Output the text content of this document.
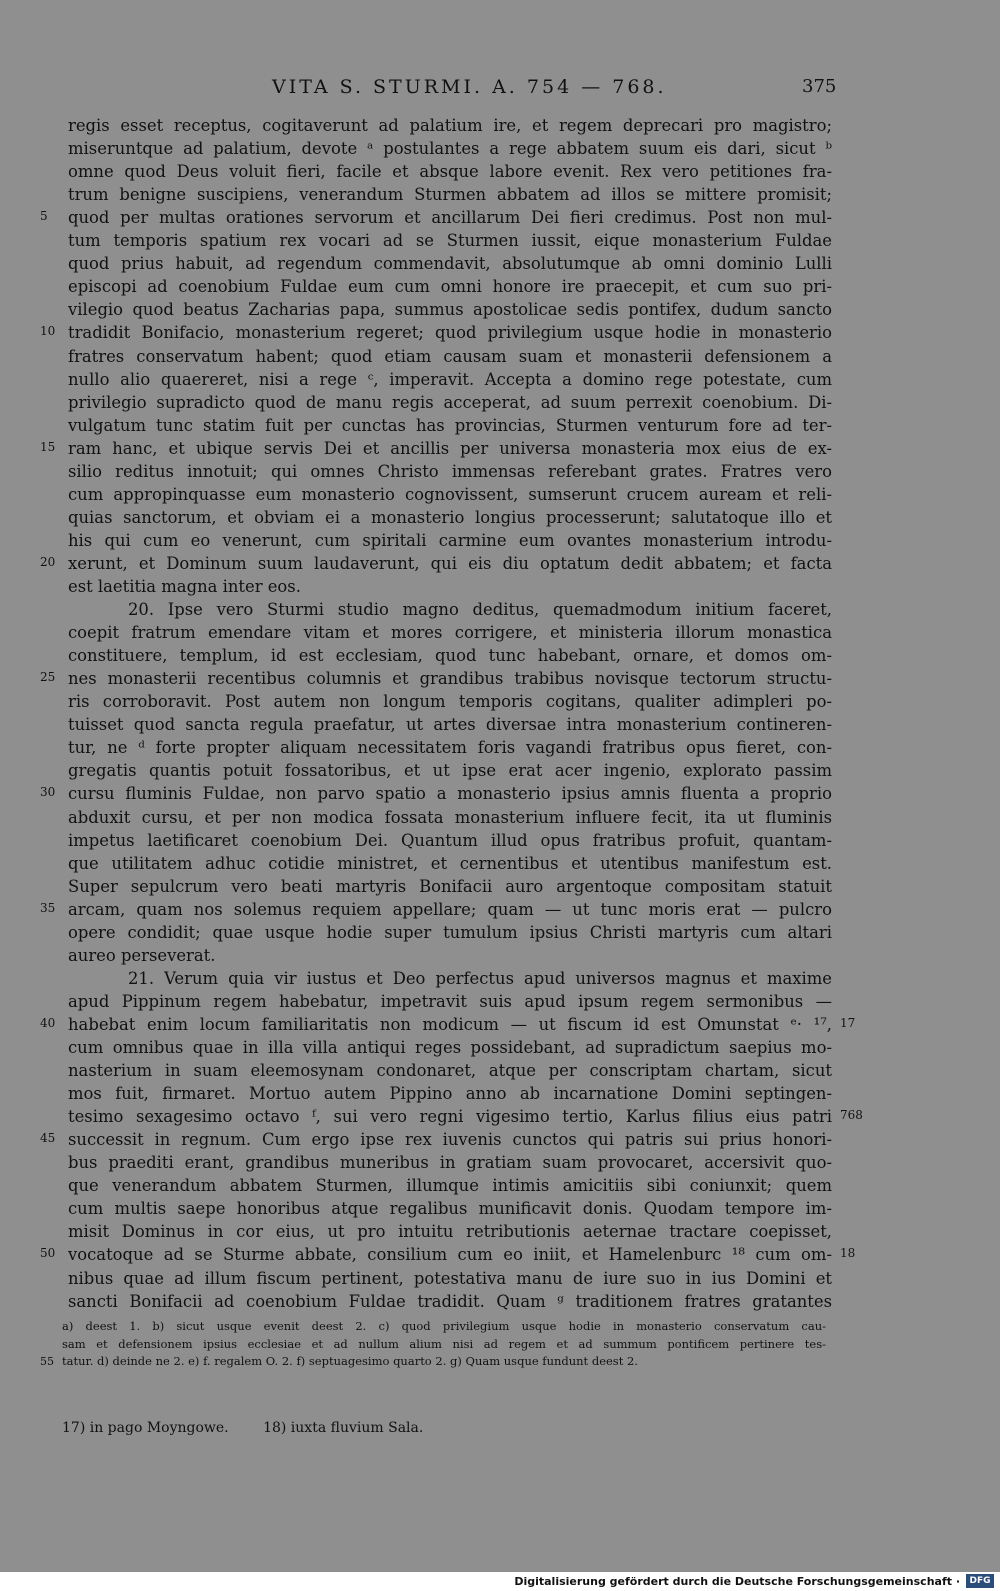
VITA S. STURMI. A. 754 — 768.	375
regis esset receptus, cogitaverunt ad palatium ire, et regem deprecari pro magistro;
miseruntque ad palatium, devote ᵃ postulantes a rege abbatem suum eis dari, sicut ᵇ
omne quod Deus voluit fieri, facile et absque labore evenit. Rex vero petitiones fra-
trum benigne suscipiens, venerandum Sturmen abbatem ad illos se mittere promisit;
5	quod per multas orationes servorum et ancillarum Dei fieri credimus. Post non mul-
tum temporis spatium rex vocari ad se Sturmen iussit, eique monasterium Fuldae
quod prius habuit, ad regendum commendavit, absolutumque ab omni dominio Lulli
episcopi ad coenobium Fuldae eum cum omni honore ire praecepit, et cum suo pri-
vilegio quod beatus Zacharias papa, summus apostolicae sedis pontifex, dudum sancto
10 tradidit Bonifacio, monasterium regeret; quod privilegium usque hodie in monasterio
fratres conservatum habent; quod etiam causam suam et monasterii defensionem a
nullo alio quaereret, nisi a rege ᶜ, imperavit. Accepta a domino rege potestate, cum
privilegio supradicto quod de manu regis acceperat, ad suum perrexit coenobium. Di-
vulgatum tunc statim fuit per cunctas has provincias, Sturmen venturum fore ad ter-
15 ram hanc, et ubique servis Dei et ancillis per universa monasteria mox eius de ex-
silio reditus innotuit; qui omnes Christo immensas referebant grates. Fratres vero
cum appropinquasse eum monasterio cognovissent, sumserunt crucem auream et reli-
quias sanctorum, et obviam ei a monasterio longius processerunt; salutatoque illo et
his qui cum eo venerunt, cum spiritali carmine eum ovantes monasterium introdu-
20 xerunt, et Dominum suum laudaverunt, qui eis diu optatum dedit abbatem; et facta
est laetitia magna inter eos.
20. Ipse vero Sturmi studio magno deditus, quemadmodum initium faceret,
coepit fratrum emendare vitam et mores corrigere, et ministeria illorum monastica
constituere, templum, id est ecclesiam, quod tunc habebant, ornare, et domos om-
25 nes monasterii recentibus columnis et grandibus trabibus novisque tectorum structu-
ris corroboravit. Post autem non longum temporis cogitans, qualiter adimpleri po-
tuisset quod sancta regula praefatur, ut artes diversae intra monasterium contineren-
tur, ne ᵈ forte propter aliquam necessitatem foris vagandi fratribus opus fieret, con-
gregatis quantis potuit fossatoribus, et ut ipse erat acer ingenio, explorato passim
30 cursu fluminis Fuldae, non parvo spatio a monasterio ipsius amnis fluenta a proprio
abduxit cursu, et per non modica fossata monasterium influere fecit, ita ut fluminis
impetus laetificaret coenobium Dei. Quantum illud opus fratribus profuit, quantam-
que utilitatem adhuc cotidie ministret, et cernentibus et utentibus manifestum est.
Super sepulcrum vero beati martyris Bonifacii auro argentoque compositam statuit
35 arcam, quam nos solemus requiem appellare; quam — ut tunc moris erat — pulcro
opere condidit; quae usque hodie super tumulum ipsius Christi martyris cum altari
aureo perseverat.
21. Verum quia vir iustus et Deo perfectus apud universos magnus et maxime
apud Pippinum regem habebatur, impetravit suis apud ipsum regem sermonibus —
40 habebat enim locum familiaritatis non modicum — ut fiscum id est Omunstat ᵉ· ¹⁷, 17
cum omnibus quae in illa villa antiqui reges possidebant, ad supradictum saepius mo-
nasterium in suam eleemosynam condonaret, atque per conscriptam chartam, sicut
mos fuit, firmaret. Mortuo autem Pippino anno ab incarnatione Domini septingen-
tesimo sexagesimo octavo ᶠ, sui vero regni vigesimo tertio, Karlus filius eius patri 768
45 successit in regnum. Cum ergo ipse rex iuvenis cunctos qui patris sui prius honori-
bus praediti erant, grandibus muneribus in gratiam suam provocaret, accersivit quo-
que venerandum abbatem Sturmen, illumque intimis amicitiis sibi coniunxit; quem
cum multis saepe honoribus atque regalibus munificavit donis. Quodam tempore im-
misit Dominus in cor eius, ut pro intuitu retributionis aeternae tractare coepisset,
50 vocatoque ad se Sturme abbate, consilium cum eo iniit, et Hamelenburc ¹⁸ cum om- 18
nibus quae ad illum fiscum pertinent, potestativa manu de iure suo in ius Domini et
sancti Bonifacii ad coenobium Fuldae tradidit. Quam ᵍ traditionem fratres gratantes
a) deest 1. b) sicut usque evenit deest 2. c) quod privilegium usque hodie in monasterio conservatum cau-
sam et defensionem ipsius ecclesiae et ad nullum alium nisi ad regem et ad summum pontificem pertinere tes-
55 tatur. d) deinde ne 2. e) f. regalem O. 2. f) septuagesimo quarto 2. g) Quam usque fundunt deest 2.
17) in pago Moyngowe. 18) iuxta fluvium Sala.
Digitalisierung gefördert durch die Deutsche Forschungsgemeinschaft ·	DFG
